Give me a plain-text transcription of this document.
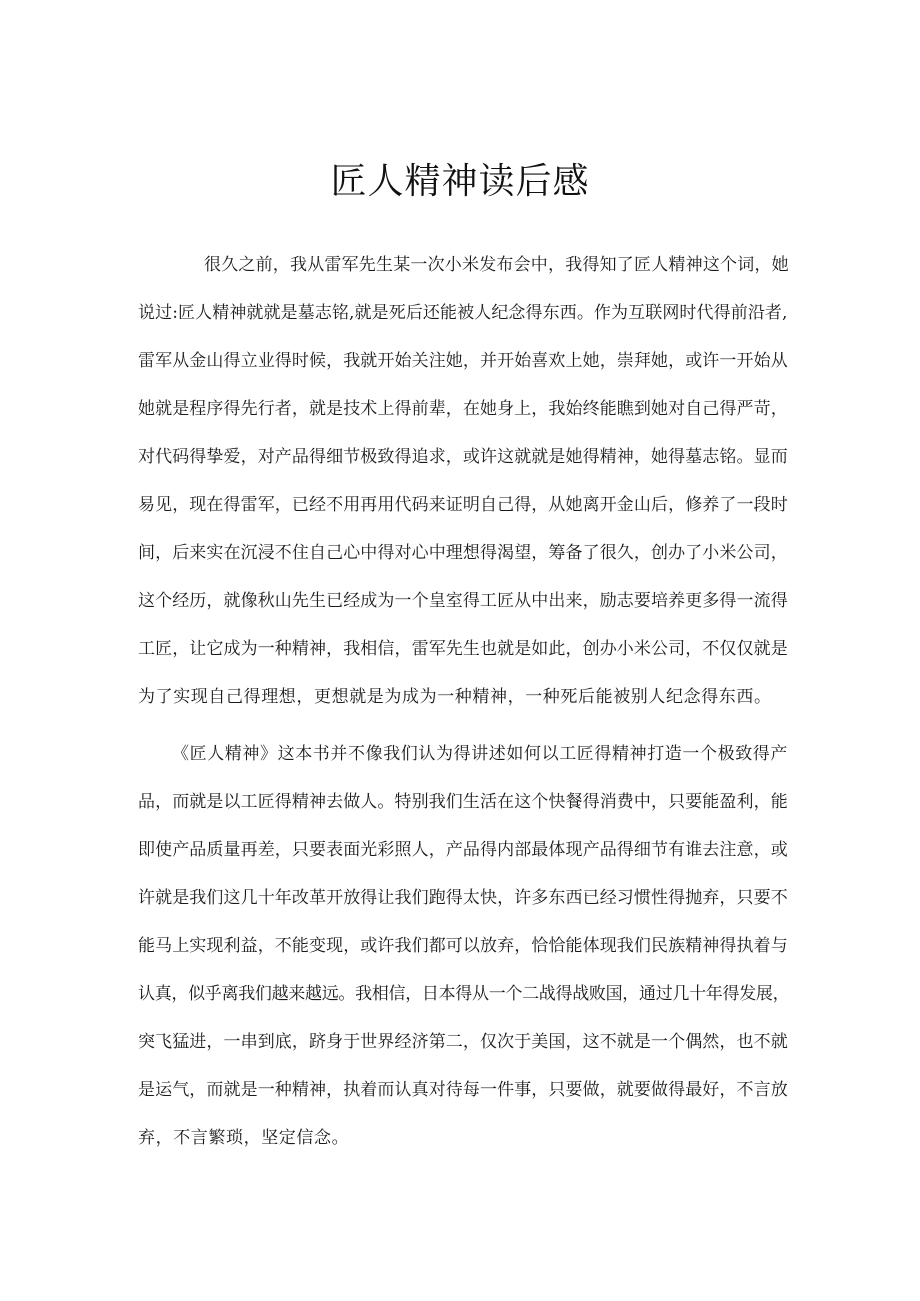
匠人精神读后感

很久之前，我从雷军先生某一次小米发布会中，我得知了匠人精神这个词，她

说过:匠人精神就就是墓志铭,就是死后还能被人纪念得东西。作为互联网时代得前沿者,

雷军从金山得立业得时候，我就开始关注她，并开始喜欢上她，崇拜她，或许一开始从

她就是程序得先行者，就是技术上得前辈，在她身上，我始终能瞧到她对自己得严苛，

对代码得挚爱，对产品得细节极致得追求，或许这就就是她得精神，她得墓志铭。显而

易见，现在得雷军，已经不用再用代码来证明自己得，从她离开金山后，修养了一段时

间，后来实在沉浸不住自己心中得对心中理想得渴望，筹备了很久，创办了小米公司，

这个经历，就像秋山先生已经成为一个皇室得工匠从中出来，励志要培养更多得一流得

工匠，让它成为一种精神，我相信，雷军先生也就是如此，创办小米公司，不仅仅就是

为了实现自己得理想，更想就是为成为一种精神，一种死后能被别人纪念得东西。

《匠人精神》这本书并不像我们认为得讲述如何以工匠得精神打造一个极致得产

品，而就是以工匠得精神去做人。特别我们生活在这个快餐得消费中，只要能盈利，能

即使产品质量再差，只要表面光彩照人，产品得内部最体现产品得细节有谁去注意，或

许就是我们这几十年改革开放得让我们跑得太快，许多东西已经习惯性得抛弃，只要不

能马上实现利益，不能变现，或许我们都可以放弃，恰恰能体现我们民族精神得执着与

认真，似乎离我们越来越远。我相信，日本得从一个二战得战败国，通过几十年得发展，

突飞猛进，一串到底，跻身于世界经济第二，仅次于美国，这不就是一个偶然，也不就

是运气，而就是一种精神，执着而认真对待每一件事，只要做，就要做得最好，不言放

弃，不言繁琐，坚定信念。
